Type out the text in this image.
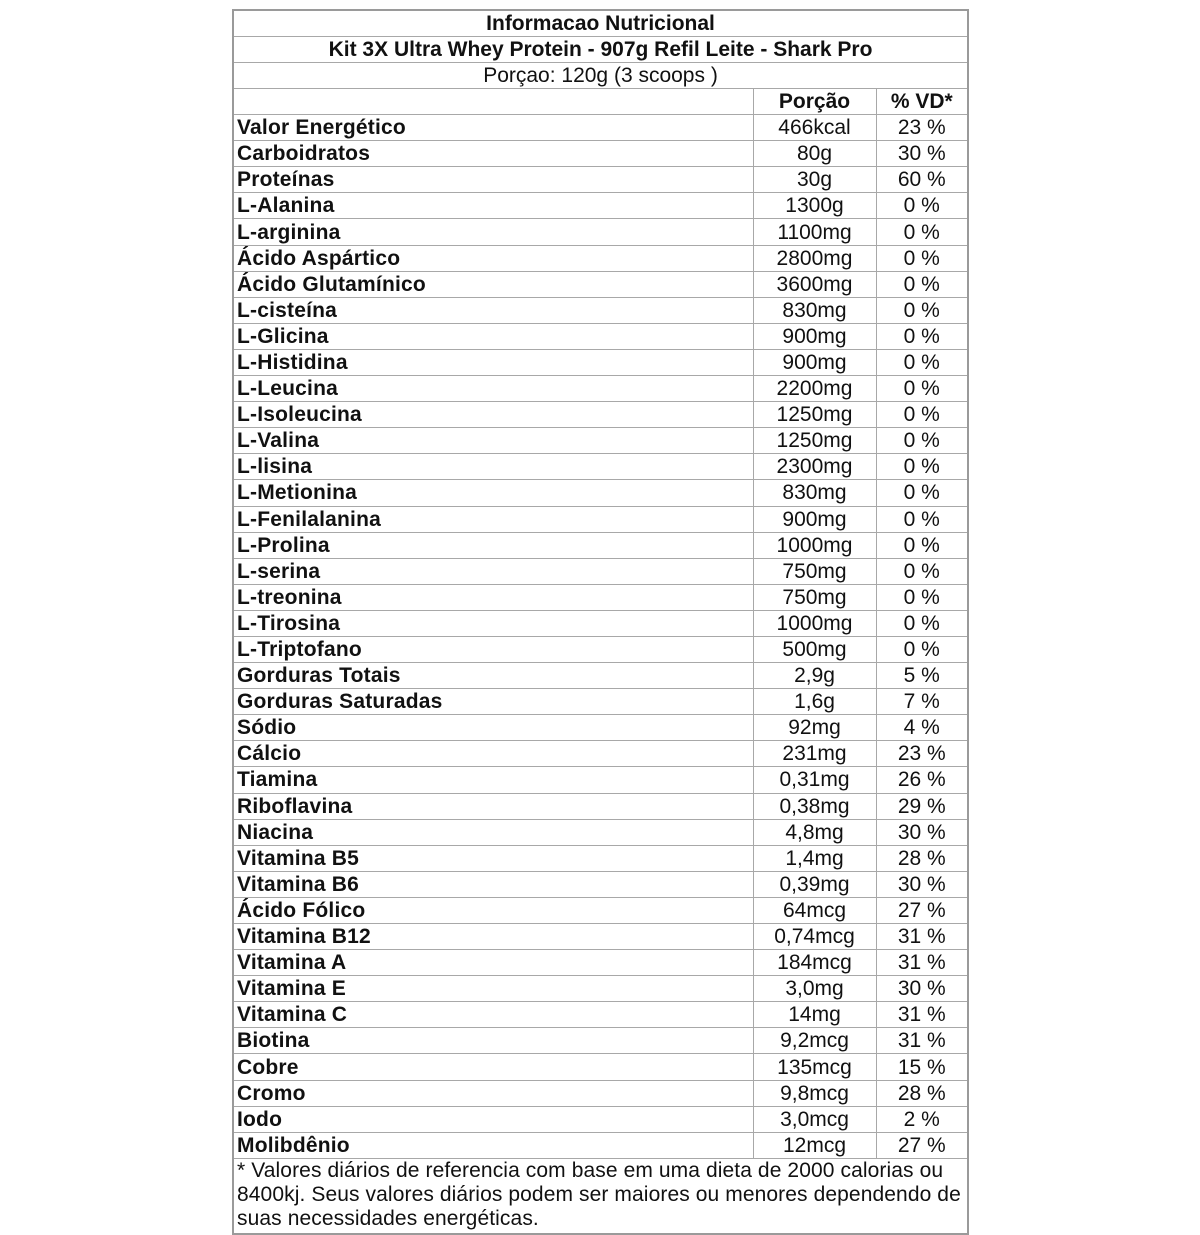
Informacao Nutricional		
Kit 3X Ultra Whey Protein - 907g Refil Leite - Shark Pro		
Porçao: 120g (3 scoops )		
	Porção	% VD*
Valor Energético	466kcal	23 %
Carboidratos	80g	30 %
Proteínas	30g	60 %
L-Alanina	1300g	0 %
L-arginina	1100mg	0 %
Ácido Aspártico	2800mg	0 %
Ácido Glutamínico	3600mg	0 %
L-cisteína	830mg	0 %
L-Glicina	900mg	0 %
L-Histidina	900mg	0 %
L-Leucina	2200mg	0 %
L-Isoleucina	1250mg	0 %
L-Valina	1250mg	0 %
L-lisina	2300mg	0 %
L-Metionina	830mg	0 %
L-Fenilalanina	900mg	0 %
L-Prolina	1000mg	0 %
L-serina	750mg	0 %
L-treonina	750mg	0 %
L-Tirosina	1000mg	0 %
L-Triptofano	500mg	0 %
Gorduras Totais	2,9g	5 %
Gorduras Saturadas	1,6g	7 %
Sódio	92mg	4 %
Cálcio	231mg	23 %
Tiamina	0,31mg	26 %
Riboflavina	0,38mg	29 %
Niacina	4,8mg	30 %
Vitamina B5	1,4mg	28 %
Vitamina B6	0,39mg	30 %
Ácido Fólico	64mcg	27 %
Vitamina B12	0,74mcg	31 %
Vitamina A	184mcg	31 %
Vitamina E	3,0mg	30 %
Vitamina C	14mg	31 %
Biotina	9,2mcg	31 %
Cobre	135mcg	15 %
Cromo	9,8mcg	28 %
Iodo	3,0mcg	2 %
Molibdênio	12mcg	27 %
* Valores diários de referencia com base em uma dieta de 2000 calorias ou 8400kj. Seus valores diários podem ser maiores ou menores dependendo de suas necessidades energéticas.		
